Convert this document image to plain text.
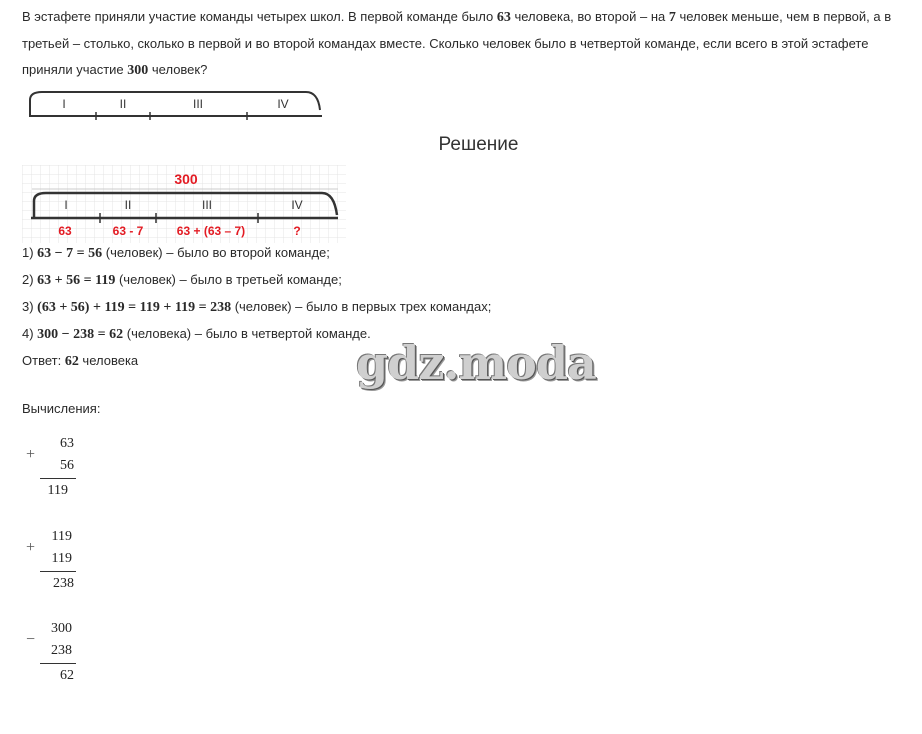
В эстафете приняли участие команды четырех школ. В первой команде было 63 человека, во второй – на 7 человек меньше, чем в первой, а в третьей – столько, сколько в первой и во второй командах вместе. Сколько человек было в четвертой команде, если всего в этой эстафете приняли участие 300 человек?

I	II	III	IV
Решение
300
I	II	III	IV
63	63 - 7	63 + (63 – 7)	?

1) 63 − 7 = 56 (человек) – было во второй команде;

2) 63 + 56 = 119 (человек) – было в третьей команде;

3) (63 + 56) + 119 = 119 + 119 = 238 (человек) – было в первых трех командах;

4) 300 − 238 = 62 (человека) – было в четвертой команде.

Ответ: 62 человека	gdz.moda

Вычисления:

+
63
56
119
+
119
119
238
−
300
238
62
